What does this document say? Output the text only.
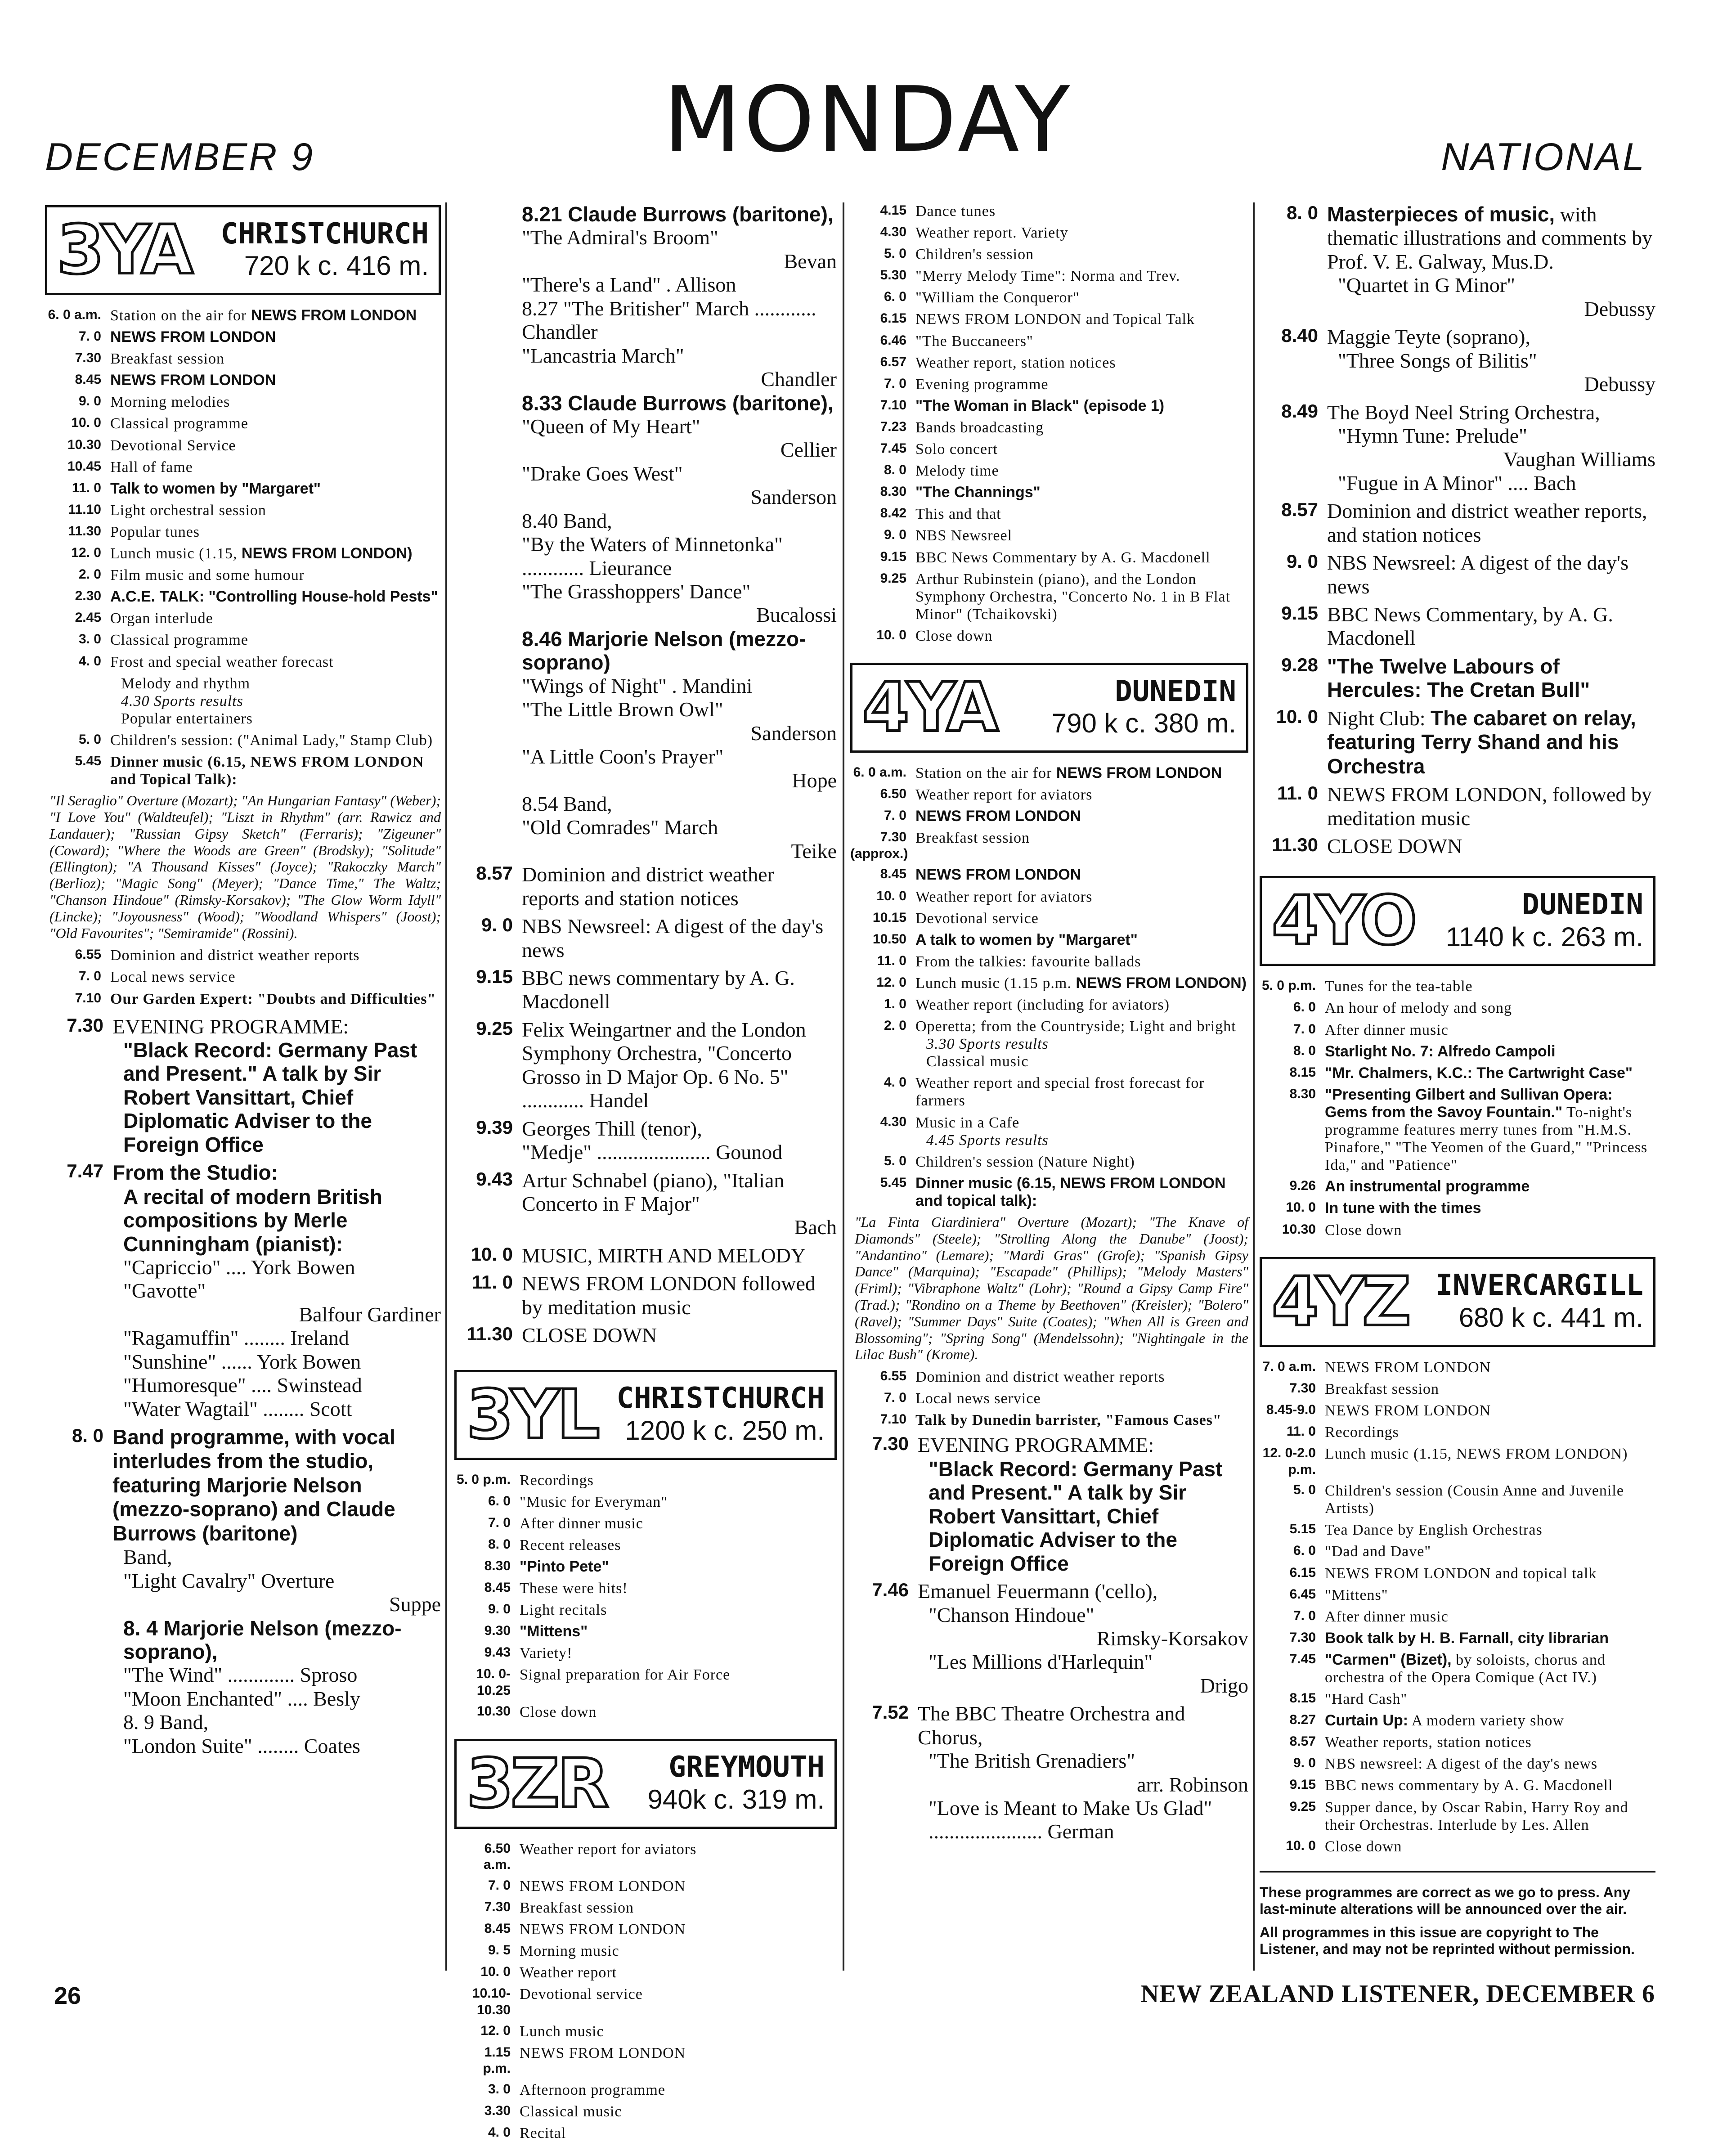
DECEMBER 9	MONDAY	NATIONAL
3YA	CHRISTCHURCH
720 k c. 416 m.
6. 0 a.m. Station on the air for NEWS FROM LONDON
7. 0 NEWS FROM LONDON
7.30 Breakfast session
8.45 NEWS FROM LONDON
9. 0 Morning melodies
10. 0 Classical programme
10.30 Devotional Service
10.45 Hall of fame
11. 0 Talk to women by "Margaret"
11.10 Light orchestral session
11.30 Popular tunes
12. 0 Lunch music (1.15, NEWS FROM LONDON)
2. 0 Film music and some humour
2.30 A.C.E. TALK: "Controlling House-hold Pests"
2.45 Organ interlude
3. 0 Classical programme
4. 0 Frost and special weather forecast
Melody and rhythm
4.30 Sports results
Popular entertainers
5. 0 Children's session: ("Animal Lady," Stamp Club)
5.45 Dinner music (6.15, NEWS FROM LONDON and Topical Talk):
"Il Seraglio" Overture (Mozart); "An Hungarian Fantasy" (Weber); "I Love You" (Waldteufel); "Liszt in Rhythm" (arr. Rawicz and Landauer); "Russian Gipsy Sketch" (Ferraris); "Zigeuner" (Coward); "Where the Woods are Green" (Brodsky); "Solitude" (Ellington); "A Thousand Kisses" (Joyce); "Rakoczky March" (Berlioz); "Magic Song" (Meyer); "Dance Time," The Waltz; "Chanson Hindoue" (Rimsky-Korsakov); "The Glow Worm Idyll" (Lincke); "Joyousness" (Wood); "Woodland Whispers" (Joost); "Old Favourites"; "Semiramide" (Rossini).
6.55 Dominion and district weather reports
7. 0 Local news service
7.10 Our Garden Expert: "Doubts and Difficulties"
7.30 EVENING PROGRAMME:
"Black Record: Germany Past and Present." A talk by Sir Robert Vansittart, Chief Diplomatic Adviser to the Foreign Office
7.47 From the Studio:
A recital of modern British compositions by Merle Cunningham (pianist):
"Capriccio" .... York Bowen
"Gavotte"
Balfour Gardiner
"Ragamuffin" ........ Ireland
"Sunshine" ...... York Bowen
"Humoresque" .... Swinstead
"Water Wagtail" ........ Scott
8. 0 Band programme, with vocal interludes from the studio, featuring Marjorie Nelson (mezzo-soprano) and Claude Burrows (baritone)
Band,
"Light Cavalry" Overture
Suppe
8. 4 Marjorie Nelson (mezzo-soprano),
"The Wind" ............. Sproso
"Moon Enchanted" .... Besly
8. 9 Band,
"London Suite" ........ Coates
8.21 Claude Burrows (baritone),
"The Admiral's Broom"
Bevan
"There's a Land" . Allison
8.27 "The Britisher" March ............ Chandler
"Lancastria March"
Chandler
8.33 Claude Burrows (baritone),
"Queen of My Heart"
Cellier
"Drake Goes West"
Sanderson
8.40 Band,
"By the Waters of Minnetonka" ............ Lieurance
"The Grasshoppers' Dance"
Bucalossi
8.46 Marjorie Nelson (mezzo-soprano)
"Wings of Night" . Mandini
"The Little Brown Owl"
Sanderson
"A Little Coon's Prayer"
Hope
8.54 Band,
"Old Comrades" March
Teike
8.57 Dominion and district weather reports and station notices
9. 0 NBS Newsreel: A digest of the day's news
9.15 BBC news commentary by A. G. Macdonell
9.25 Felix Weingartner and the London Symphony Orchestra, "Concerto Grosso in D Major Op. 6 No. 5" ............ Handel
9.39 Georges Thill (tenor),
"Medje" ...................... Gounod
9.43 Artur Schnabel (piano), "Italian Concerto in F Major"
Bach
10. 0 MUSIC, MIRTH AND MELODY
11. 0 NEWS FROM LONDON followed by meditation music
11.30 CLOSE DOWN
3YL CHRISTCHURCH
1200 k c. 250 m.
5. 0 p.m. Recordings
6. 0 "Music for Everyman"
7. 0 After dinner music
8. 0 Recent releases
8.30 "Pinto Pete"
8.45 These were hits!
9. 0 Light recitals
9.30 "Mittens"
9.43 Variety!
10. 0-10.25
Signal preparation for Air Force
10.30 Close down
3ZR	GREYMOUTH
940k c. 319 m.
6.50 a.m.
Weather report for aviators
7. 0 NEWS FROM LONDON
7.30 Breakfast session
8.45 NEWS FROM LONDON
9. 5 Morning music
10. 0 Weather report
10.10-10.30
Devotional service
12. 0 Lunch music
1.15 p.m.
NEWS FROM LONDON
3. 0 Afternoon programme
3.30 Classical music
4. 0 Recital
4.15 Dance tunes
4.30 Weather report. Variety
5. 0 Children's session
5.30 "Merry Melody Time": Norma and Trev.
6. 0 "William the Conqueror"
6.15 NEWS FROM LONDON and Topical Talk
6.46 "The Buccaneers"
6.57 Weather report, station notices
7. 0 Evening programme
7.10 "The Woman in Black" (episode 1)
7.23 Bands broadcasting
7.45 Solo concert
8. 0 Melody time
8.30 "The Channings"
8.42 This and that
9. 0 NBS Newsreel
9.15 BBC News Commentary by A. G. Macdonell
9.25 Arthur Rubinstein (piano), and the London Symphony Orchestra, "Concerto No. 1 in B Flat Minor" (Tchaikovski)
10. 0 Close down
4YA	DUNEDIN
790 k c. 380 m.
6. 0 a.m. Station on the air for NEWS FROM LONDON
6.50 Weather report for aviators
7. 0 NEWS FROM LONDON
7.30 (approx.)
Breakfast session
8.45 NEWS FROM LONDON
10. 0 Weather report for aviators
10.15 Devotional service
10.50 A talk to women by "Margaret"
11. 0 From the talkies: favourite ballads
12. 0 Lunch music (1.15 p.m. NEWS FROM LONDON)
1. 0 Weather report (including for aviators)
2. 0 Operetta; from the Countryside; Light and bright
3.30 Sports results
Classical music
4. 0 Weather report and special frost forecast for farmers
4.30 Music in a Cafe
4.45 Sports results
5. 0 Children's session (Nature Night)
5.45 Dinner music (6.15, NEWS FROM LONDON and topical talk):
"La Finta Giardiniera" Overture (Mozart); "The Knave of Diamonds" (Steele); "Strolling Along the Danube" (Joost); "Andantino" (Lemare); "Mardi Gras" (Grofe); "Spanish Gipsy Dance" (Marquina); "Escapade" (Phillips); "Melody Masters" (Friml); "Vibraphone Waltz" (Lohr); "Round a Gipsy Camp Fire" (Trad.); "Rondino on a Theme by Beethoven" (Kreisler); "Bolero" (Ravel); "Summer Days" Suite (Coates); "When All is Green and Blossoming"; "Spring Song" (Mendelssohn); "Nightingale in the Lilac Bush" (Krome).
6.55 Dominion and district weather reports
7. 0 Local news service
7.10 Talk by Dunedin barrister, "Famous Cases"
7.30 EVENING PROGRAMME:
"Black Record: Germany Past and Present." A talk by Sir Robert Vansittart, Chief Diplomatic Adviser to the Foreign Office
7.46 Emanuel Feuermann ('cello),
"Chanson Hindoue"
Rimsky-Korsakov
"Les Millions d'Harlequin"
Drigo
7.52 The BBC Theatre Orchestra and Chorus,
"The British Grenadiers"
arr. Robinson
"Love is Meant to Make Us Glad" ...................... German
8. 0 Masterpieces of music, with thematic illustrations and comments by Prof. V. E. Galway, Mus.D.
"Quartet in G Minor"
Debussy
8.40 Maggie Teyte (soprano),
"Three Songs of Bilitis"
Debussy
8.49 The Boyd Neel String Orchestra,
"Hymn Tune: Prelude"
Vaughan Williams
"Fugue in A Minor" .... Bach
8.57 Dominion and district weather reports, and station notices
9. 0 NBS Newsreel: A digest of the day's news
9.15 BBC News Commentary, by A. G. Macdonell
9.28 "The Twelve Labours of Hercules: The Cretan Bull"
10. 0 Night Club: The cabaret on relay, featuring Terry Shand and his Orchestra
11. 0 NEWS FROM LONDON, followed by meditation music
11.30 CLOSE DOWN
4YO	DUNEDIN
1140 k c. 263 m.
5. 0 p.m. Tunes for the tea-table
6. 0 An hour of melody and song
7. 0 After dinner music
8. 0 Starlight No. 7: Alfredo Campoli
8.15 "Mr. Chalmers, K.C.: The Cartwright Case"
8.30 "Presenting Gilbert and Sullivan Opera: Gems from the Savoy Fountain." To-night's programme features merry tunes from "H.M.S. Pinafore," "The Yeomen of the Guard," "Princess Ida," and "Patience"
9.26 An instrumental programme
10. 0 In tune with the times
10.30 Close down
4YZ INVERCARGILL
680 k c. 441 m.
7. 0 a.m. NEWS FROM LONDON
7.30 Breakfast session
8.45-9.0 NEWS FROM LONDON
11. 0 Recordings
12. 0-2.0 p.m.
Lunch music (1.15, NEWS FROM LONDON)
5. 0 Children's session (Cousin Anne and Juvenile Artists)
5.15 Tea Dance by English Orchestras
6. 0 "Dad and Dave"
6.15 NEWS FROM LONDON and topical talk
6.45 "Mittens"
7. 0 After dinner music
7.30 Book talk by H. B. Farnall, city librarian
7.45 "Carmen" (Bizet), by soloists, chorus and orchestra of the Opera Comique (Act IV.)
8.15 "Hard Cash"
8.27 Curtain Up: A modern variety show
8.57 Weather reports, station notices
9. 0 NBS newsreel: A digest of the day's news
9.15 BBC news commentary by A. G. Macdonell
9.25 Supper dance, by Oscar Rabin, Harry Roy and their Orchestras. Interlude by Les. Allen
10. 0 Close down

These programmes are correct as we go to press. Any last-minute alterations will be announced over the air.

All programmes in this issue are copyright to The Listener, and may not be reprinted without permission.

26	NEW ZEALAND LISTENER, DECEMBER 6
